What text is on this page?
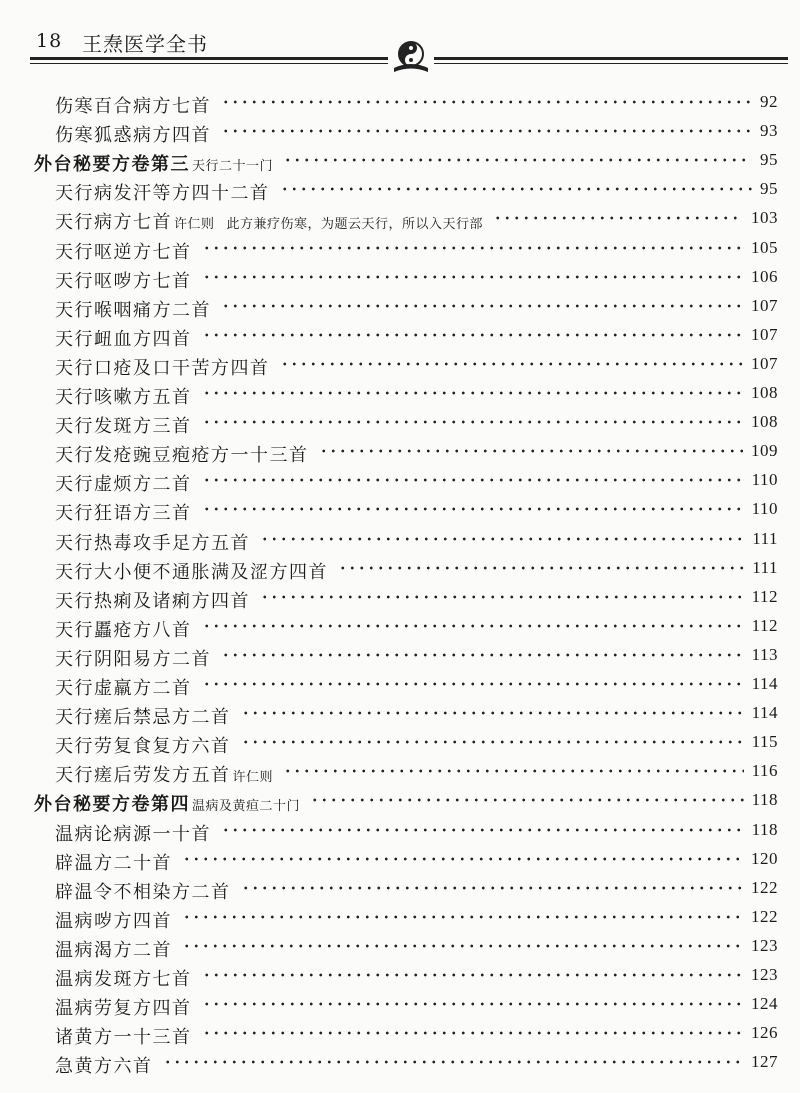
18 王焘医学全书
伤寒百合病方七首	92
伤寒狐惑病方四首	93
外台秘要方卷第三 天行二十一门	95
天行病发汗等方四十二首	95
天行病方七首 许仁则 此方兼疗伤寒，为题云天行，所以入天行部	103
天行呕逆方七首	105
天行呕哕方七首	106
天行喉咽痛方二首	107
天行衄血方四首	107
天行口疮及口干苦方四首	107
天行咳嗽方五首	108
天行发斑方三首	108
天行发疮豌豆疱疮方一十三首	109
天行虚烦方二首	110
天行狂语方三首	110
天行热毒攻手足方五首	111
天行大小便不通胀满及涩方四首	111
天行热痢及诸痢方四首	112
天行䘌疮方八首	112
天行阴阳易方二首	113
天行虚羸方二首	114
天行瘥后禁忌方二首	114
天行劳复食复方六首	115
天行瘥后劳发方五首 许仁则	116
外台秘要方卷第四 温病及黄疸二十门	118
温病论病源一十首	118
辟温方二十首	120
辟温令不相染方二首	122
温病哕方四首	122
温病渴方二首	123
温病发斑方七首	123
温病劳复方四首	124
诸黄方一十三首	126
急黄方六首	127
